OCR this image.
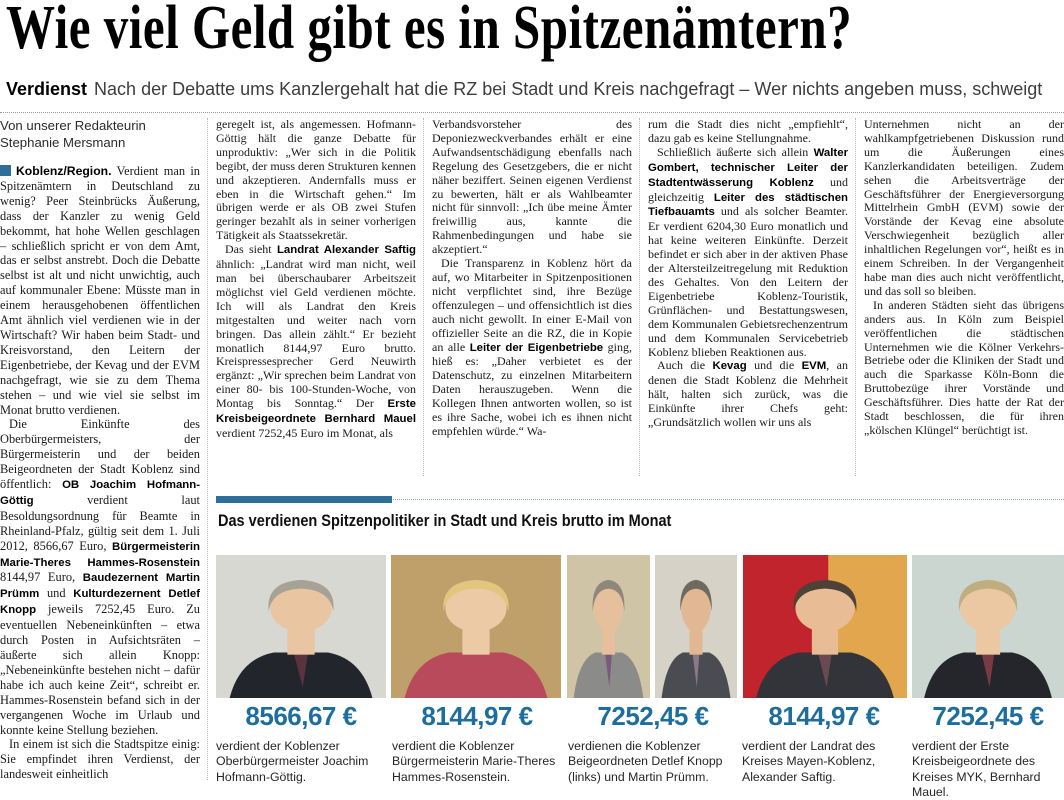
Wie viel Geld gibt es in Spitzenämtern?
Verdienst Nach der Debatte ums Kanzlergehalt hat die RZ bei Stadt und Kreis nachgefragt – Wer nichts angeben muss, schweigt
Von unserer Redakteurin
Stephanie Mersmann

Koblenz/Region. Verdient man in Spitzenämtern in Deutschland zu wenig? Peer Steinbrücks Äußerung, dass der Kanzler zu wenig Geld bekommt, hat hohe Wellen geschlagen – schließlich spricht er von dem Amt, das er selbst anstrebt. Doch die Debatte selbst ist alt und nicht unwichtig, auch auf kommunaler Ebene: Müsste man in einem herausgehobenen öffentlichen Amt ähnlich viel verdienen wie in der Wirtschaft? Wir haben beim Stadt- und Kreisvorstand, den Leitern der Eigenbetriebe, der Kevag und der EVM nachgefragt, wie sie zu dem Thema stehen – und wie viel sie selbst im Monat brutto verdienen.

Die Einkünfte des Oberbürgermeisters, der Bürgermeisterin und der beiden Beigeordneten der Stadt Koblenz sind öffentlich: OB Joachim Hofmann-Göttig verdient laut Besoldungsordnung für Beamte in Rheinland-Pfalz, gültig seit dem 1. Juli 2012, 8566,67 Euro, Bürgermeisterin Marie-Theres Hammes-Rosenstein 8144,97 Euro, Baudezernent Martin Prümm und Kulturdezernent Detlef Knopp jeweils 7252,45 Euro. Zu eventuellen Nebeneinkünften – etwa durch Posten in Aufsichtsräten – äußerte sich allein Knopp: „Nebeneinkünfte bestehen nicht – dafür habe ich auch keine Zeit“, schreibt er. Hammes-Rosenstein befand sich in der vergangenen Woche im Urlaub und konnte keine Stellung beziehen.

In einem ist sich die Stadtspitze einig: Sie empfindet ihren Verdienst, der landesweit einheitlich

geregelt ist, als angemessen. Hofmann-Göttig hält die ganze Debatte für unproduktiv: „Wer sich in die Politik begibt, der muss deren Strukturen kennen und akzeptieren. Andernfalls muss er eben in die Wirtschaft gehen.“ Im übrigen werde er als OB zwei Stufen geringer bezahlt als in seiner vorherigen Tätigkeit als Staatssekretär.

Das sieht Landrat Alexander Saftig ähnlich: „Landrat wird man nicht, weil man bei überschaubarer Arbeitszeit möglichst viel Geld verdienen möchte. Ich will als Landrat den Kreis mitgestalten und weiter nach vorn bringen. Das allein zählt.“ Er bezieht monatlich 8144,97 Euro brutto. Kreispressesprecher Gerd Neuwirth ergänzt: „Wir sprechen beim Landrat von einer 80- bis 100-Stunden-Woche, von Montag bis Sonntag.“ Der Erste Kreisbeigeordnete Bernhard Mauel verdient 7252,45 Euro im Monat, als

Verbandsvorsteher des Deponiezweckverbandes erhält er eine Aufwandsentschädigung ebenfalls nach Regelung des Gesetzgebers, die er nicht näher beziffert. Seinen eigenen Verdienst zu bewerten, hält er als Wahlbeamter nicht für sinnvoll: „Ich übe meine Ämter freiwillig aus, kannte die Rahmenbedingungen und habe sie akzeptiert.“

Die Transparenz in Koblenz hört da auf, wo Mitarbeiter in Spitzenpositionen nicht verpflichtet sind, ihre Bezüge offenzulegen – und offensichtlich ist dies auch nicht gewollt. In einer E-Mail von offizieller Seite an die RZ, die in Kopie an alle Leiter der Eigenbetriebe ging, hieß es: „Daher verbietet es der Datenschutz, zu einzelnen Mitarbeitern Daten herauszugeben. Wenn die Kollegen Ihnen antworten wollen, so ist es ihre Sache, wobei ich es ihnen nicht empfehlen würde.“ Wa-

rum die Stadt dies nicht „empfiehlt“, dazu gab es keine Stellungnahme.

Schließlich äußerte sich allein Walter Gombert, technischer Leiter der Stadtentwässerung Koblenz und gleichzeitig Leiter des städtischen Tiefbauamts und als solcher Beamter. Er verdient 6204,30 Euro monatlich und hat keine weiteren Einkünfte. Derzeit befindet er sich aber in der aktiven Phase der Altersteilzeitregelung mit Reduktion des Gehaltes. Von den Leitern der Eigenbetriebe Koblenz-Touristik, Grünflächen- und Bestattungswesen, dem Kommunalen Gebietsrechenzentrum und dem Kommunalen Servicebetrieb Koblenz blieben Reaktionen aus.

Auch die Kevag und die EVM, an denen die Stadt Koblenz die Mehrheit hält, halten sich zurück, was die Einkünfte ihrer Chefs geht: „Grundsätzlich wollen wir uns als

Unternehmen nicht an der wahlkampfgetriebenen Diskussion rund um die Äußerungen eines Kanzlerkandidaten beteiligen. Zudem sehen die Arbeitsverträge der Geschäftsführer der Energieversorgung Mittelrhein GmbH (EVM) sowie der Vorstände der Kevag eine absolute Verschwiegenheit bezüglich aller inhaltlichen Regelungen vor“, heißt es in einem Schreiben. In der Vergangenheit habe man dies auch nicht veröffentlicht, und das soll so bleiben.

In anderen Städten sieht das übrigens anders aus. In Köln zum Beispiel veröffentlichen die städtischen Unternehmen wie die Kölner Verkehrs-Betriebe oder die Kliniken der Stadt und auch die Sparkasse Köln-Bonn die Bruttobezüge ihrer Vorstände und Geschäftsführer. Dies hatte der Rat der Stadt beschlossen, die für ihren „kölschen Klüngel“ berüchtigt ist.

Das verdienen Spitzenpolitiker in Stadt und Kreis brutto im Monat
8566,67 €
verdient der Koblenzer Oberbürgermeister Joachim Hofmann-Göttig.
8144,97 €
verdient die Koblenzer Bürgermeisterin Marie-Theres Hammes-Rosenstein.
7252,45 €
verdienen die Koblenzer Beigeordneten Detlef Knopp (links) und Martin Prümm.
8144,97 €
verdient der Landrat des Kreises Mayen-Koblenz, Alexander Saftig.
7252,45 €
verdient der Erste Kreisbeigeordnete des Kreises MYK, Bernhard Mauel.
